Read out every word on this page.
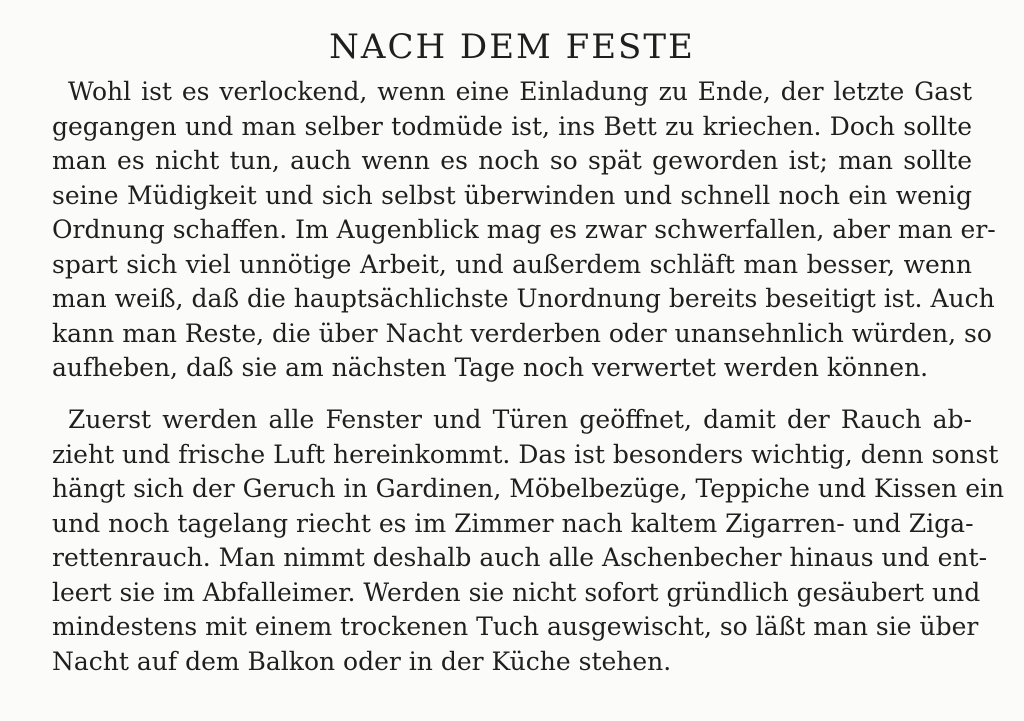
NACH DEM FESTE
Wohl ist es verlockend, wenn eine Einladung zu Ende, der letzte Gast
gegangen und man selber todmüde ist, ins Bett zu kriechen. Doch sollte
man es nicht tun, auch wenn es noch so spät geworden ist; man sollte
seine Müdigkeit und sich selbst überwinden und schnell noch ein wenig
Ordnung schaffen. Im Augenblick mag es zwar schwerfallen, aber man er-
spart sich viel unnötige Arbeit, und außerdem schläft man besser, wenn
man weiß, daß die hauptsächlichste Unordnung bereits beseitigt ist. Auch
kann man Reste, die über Nacht verderben oder unansehnlich würden, so
aufheben, daß sie am nächsten Tage noch verwertet werden können.
Zuerst werden alle Fenster und Türen geöffnet, damit der Rauch ab-
zieht und frische Luft hereinkommt. Das ist besonders wichtig, denn sonst
hängt sich der Geruch in Gardinen, Möbelbezüge, Teppiche und Kissen ein
und noch tagelang riecht es im Zimmer nach kaltem Zigarren- und Ziga-
rettenrauch. Man nimmt deshalb auch alle Aschenbecher hinaus und ent-
leert sie im Abfalleimer. Werden sie nicht sofort gründlich gesäubert und
mindestens mit einem trockenen Tuch ausgewischt, so läßt man sie über
Nacht auf dem Balkon oder in der Küche stehen.
